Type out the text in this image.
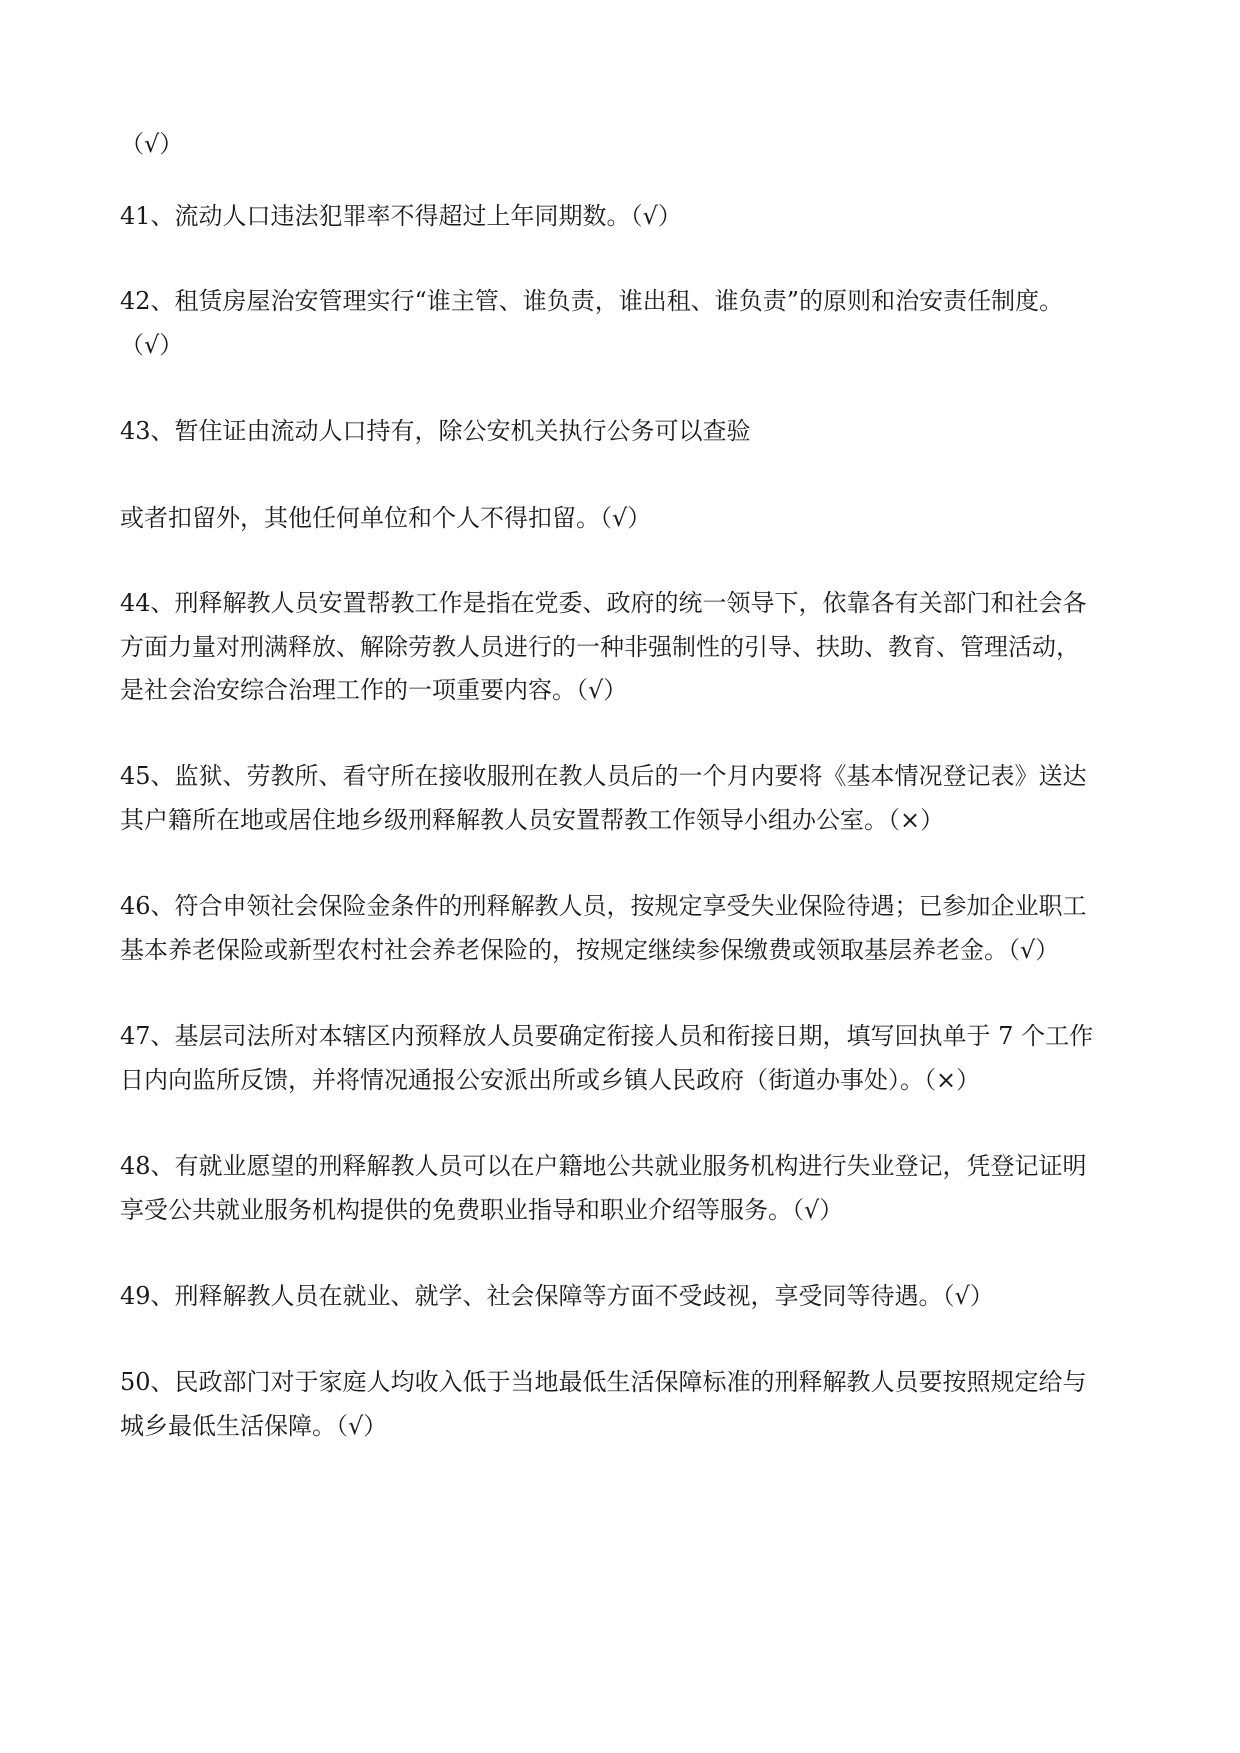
（√）
41、流动人口违法犯罪率不得超过上年同期数。（√）
42、租赁房屋治安管理实行“谁主管、谁负责，谁出租、谁负责”的原则和治安责任制度。
（√）
43、暂住证由流动人口持有，除公安机关执行公务可以查验
或者扣留外，其他任何单位和个人不得扣留。（√）
44、刑释解教人员安置帮教工作是指在党委、政府的统一领导下，依靠各有关部门和社会各
方面力量对刑满释放、解除劳教人员进行的一种非强制性的引导、扶助、教育、管理活动，
是社会治安综合治理工作的一项重要内容。（√）
45、监狱、劳教所、看守所在接收服刑在教人员后的一个月内要将《基本情况登记表》送达
其户籍所在地或居住地乡级刑释解教人员安置帮教工作领导小组办公室。（×）
46、符合申领社会保险金条件的刑释解教人员，按规定享受失业保险待遇；已参加企业职工
基本养老保险或新型农村社会养老保险的，按规定继续参保缴费或领取基层养老金。（√）
47、基层司法所对本辖区内预释放人员要确定衔接人员和衔接日期，填写回执单于 7 个工作
日内向监所反馈，并将情况通报公安派出所或乡镇人民政府（街道办事处）。（×）
48、有就业愿望的刑释解教人员可以在户籍地公共就业服务机构进行失业登记，凭登记证明
享受公共就业服务机构提供的免费职业指导和职业介绍等服务。（√）
49、刑释解教人员在就业、就学、社会保障等方面不受歧视，享受同等待遇。（√）
50、民政部门对于家庭人均收入低于当地最低生活保障标准的刑释解教人员要按照规定给与
城乡最低生活保障。（√）
